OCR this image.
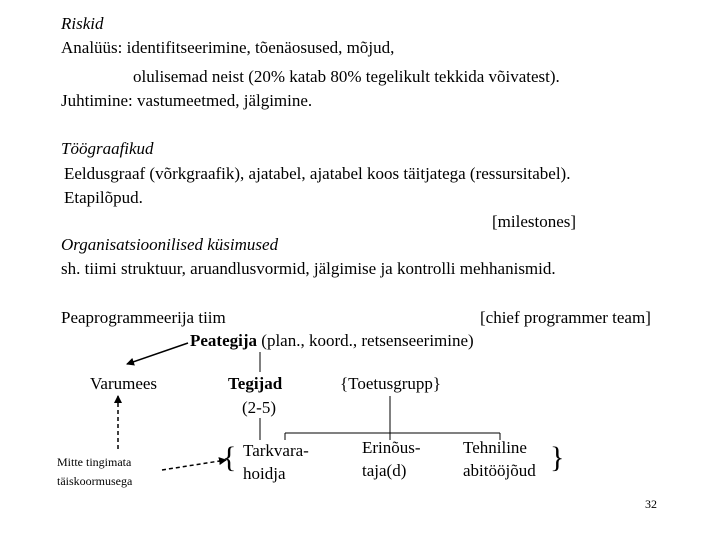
Riskid
Analüüs: identifitseerimine, tõenäosused, mõjud,
olulisemad neist (20% katab 80% tegelikult tekkida võivatest).
Juhtimine: vastumeetmed, jälgimine.
Töögraafikud
Eeldusgraaf (võrkgraafik), ajatabel, ajatabel koos täitjatega (ressursitabel).
Etapilõpud.
[milestones]
Organisatsioonilised küsimused
sh. tiimi struktuur, aruandlusvormid, jälgimise ja kontrolli mehhanismid.
Peaprogrammeerija tiim	[chief programmer team]
Peategija (plan., koord., retsenseerimine)
Varumees	Tegijad
(2-5)
{Toetusgrupp}
{ Tarkvara-
hoidja
Erinõus-
taja(d)
Tehniline
abitööjõud }
Mitte tingimata
täiskoormusega
32
